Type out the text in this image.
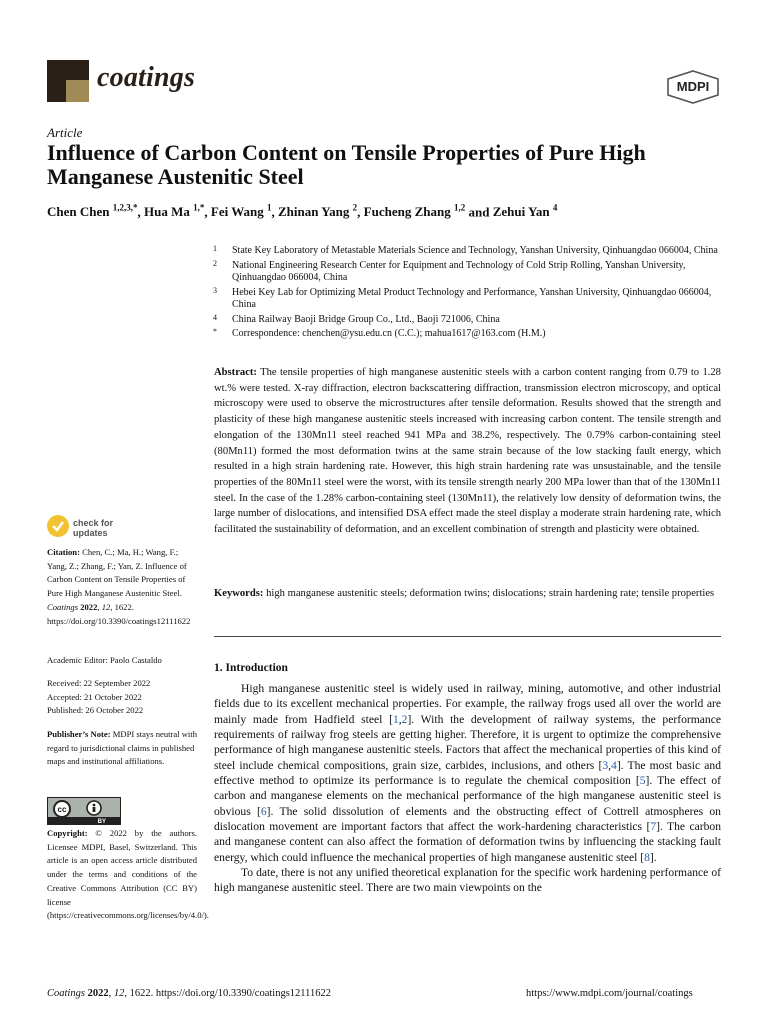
coatings	MDPI
Article
Influence of Carbon Content on Tensile Properties of Pure High Manganese Austenitic Steel
Chen Chen $^{1,2,3,*}$, Hua Ma $^{1,*}$, Fei Wang $^1$, Zhinan Yang $^2$, Fucheng Zhang $^{1,2}$ and Zehui Yan $^4$
1 State Key Laboratory of Metastable Materials Science and Technology, Yanshan University, Qinhuangdao 066004, China
2 National Engineering Research Center for Equipment and Technology of Cold Strip Rolling, Yanshan University, Qinhuangdao 066004, China
3 Hebei Key Lab for Optimizing Metal Product Technology and Performance, Yanshan University, Qinhuangdao 066004, China
4 China Railway Baoji Bridge Group Co., Ltd., Baoji 721006, China
* Correspondence: chenchen@ysu.edu.cn (C.C.); mahua1617@163.com (H.M.)
Abstract: The tensile properties of high manganese austenitic steels with a carbon content ranging from 0.79 to 1.28 wt.% were tested. X-ray diffraction, electron backscattering diffraction, transmission electron microscopy, and optical microscopy were used to observe the microstructures after tensile deformation. Results showed that the strength and plasticity of these high manganese austenitic steels increased with increasing carbon content. The tensile strength and elongation of the 130Mn11 steel reached 941 MPa and 38.2%, respectively. The 0.79% carbon-containing steel (80Mn11) formed the most deformation twins at the same strain because of the low stacking fault energy, which resulted in a high strain hardening rate. However, this high strain hardening rate was unsustainable, and the tensile properties of the 80Mn11 steel were the worst, with its tensile strength nearly 200 MPa lower than that of the 130Mn11 steel. In the case of the 1.28% carbon-containing steel (130Mn11), the relatively low density of deformation twins, the large number of dislocations, and intensified DSA effect made the steel display a moderate strain hardening rate, which facilitated the sustainability of deformation, and an excellent combination of strength and plasticity were obtained.
Keywords: high manganese austenitic steels; deformation twins; dislocations; strain hardening rate; tensile properties
1. Introduction

High manganese austenitic steel is widely used in railway, mining, automotive, and other industrial fields due to its excellent mechanical properties. For example, the railway frogs used all over the world are mainly made from Hadfield steel [1,2]. With the development of railway systems, the performance requirements of railway frog steels are getting higher. Therefore, it is urgent to optimize the comprehensive performance of high manganese austenitic steels. Factors that affect the mechanical properties of this kind of steel include chemical compositions, grain size, carbides, inclusions, and others [3,4]. The most basic and effective method to optimize its performance is to regulate the chemical composition [5]. The effect of carbon and manganese elements on the mechanical performance of the high manganese austenitic steel is obvious [6]. The solid dissolution of elements and the obstructing effect of Cottrell atmospheres on dislocation movement are important factors that affect the work-hardening characteristics [7]. The carbon and manganese content can also affect the formation of deformation twins by influencing the stacking fault energy, which could influence the mechanical properties of high manganese austenitic steel [8].

To date, there is not any unified theoretical explanation for the specific work hardening performance of high manganese austenitic steel. There are two main viewpoints on the

check for
updates
Citation: Chen, C.; Ma, H.; Wang, F.; Yang, Z.; Zhang, F.; Yan, Z. Influence of Carbon Content on Tensile Properties of Pure High Manganese Austenitic Steel. Coatings 2022, 12, 1622. https://doi.org/10.3390/coatings12111622
Academic Editor: Paolo Castaldo
Received: 22 September 2022
Accepted: 21 October 2022
Published: 26 October 2022
Publisher’s Note: MDPI stays neutral with regard to jurisdictional claims in published maps and institutional affiliations.
cc
BY
Copyright: © 2022 by the authors. Licensee MDPI, Basel, Switzerland. This article is an open access article distributed under the terms and conditions of the Creative Commons Attribution (CC BY) license (https://creativecommons.org/licenses/by/4.0/).
Coatings 2022, 12, 1622. https://doi.org/10.3390/coatings12111622	https://www.mdpi.com/journal/coatings
